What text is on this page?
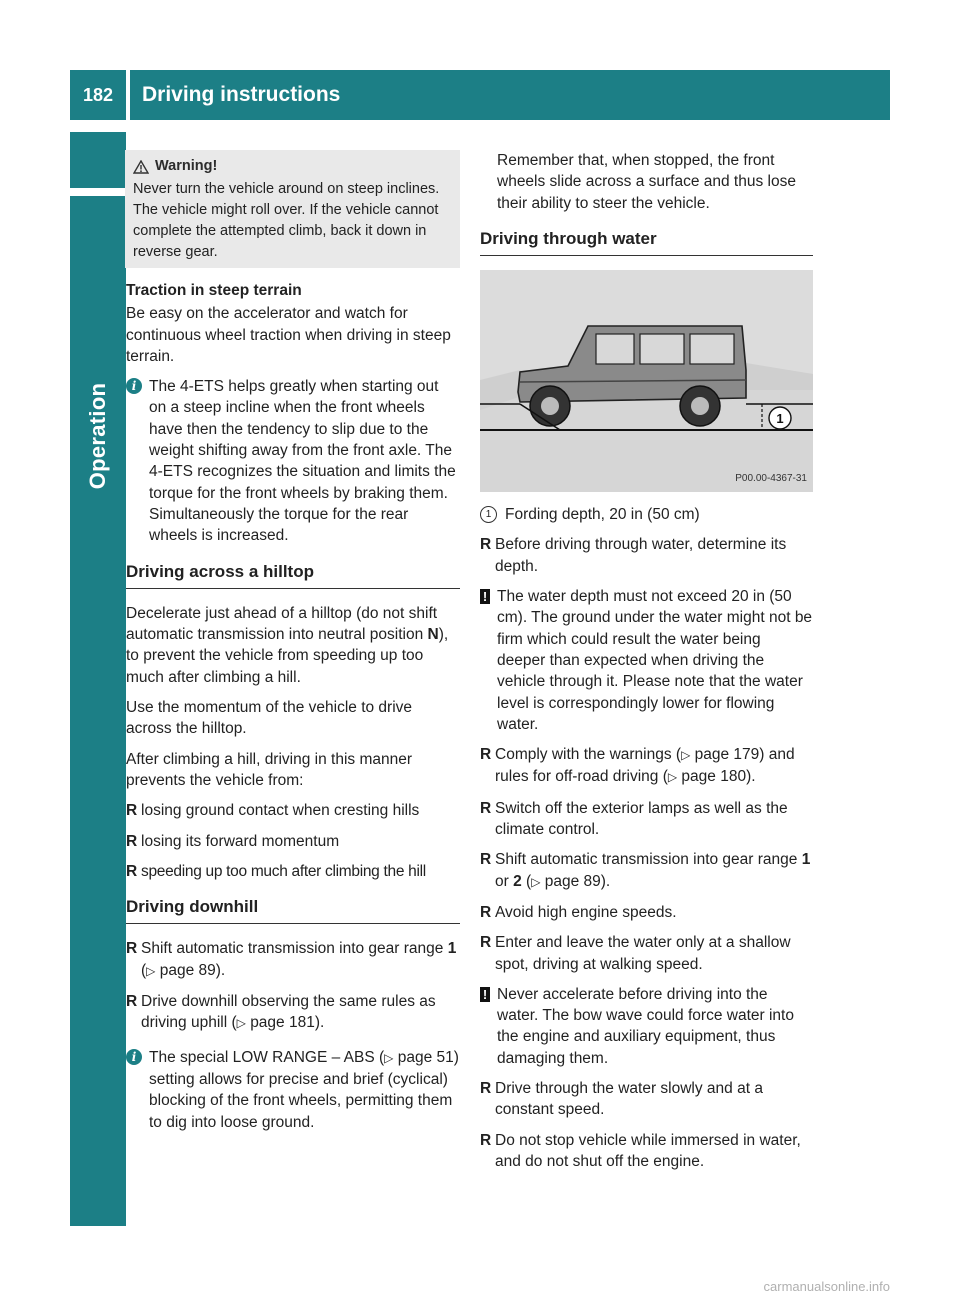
182	Driving instructions
Operation
Warning!
Never turn the vehicle around on steep inclines. The vehicle might roll over. If the vehicle cannot complete the attempted climb, back it down in reverse gear.
Traction in steep terrain

Be easy on the accelerator and watch for continuous wheel traction when driving in steep terrain.

i The 4-ETS helps greatly when starting out on a steep incline when the front wheels have then the tendency to slip due to the weight shifting away from the front axle. The 4-ETS recognizes the situation and limits the torque for the front wheels by braking them.
Simultaneously the torque for the rear wheels is increased.
Driving across a hilltop

Decelerate just ahead of a hilltop (do not shift automatic transmission into neutral position N), to prevent the vehicle from speeding up too much after climbing a hill.

Use the momentum of the vehicle to drive across the hilltop.

After climbing a hill, driving in this manner prevents the vehicle from:

R losing ground contact when cresting hills
R losing its forward momentum
R speeding up too much after climbing the hill
Driving downhill
R Shift automatic transmission into gear range 1 (▷ page 89).
R Drive downhill observing the same rules as driving uphill (▷ page 181).
i The special LOW RANGE – ABS (▷ page 51) setting allows for precise and brief (cyclical) blocking of the front wheels, permitting them to dig into loose ground.

Remember that, when stopped, the front wheels slide across a surface and thus lose their ability to steer the vehicle.

Driving through water
1
P00.00-4367-31
1 Fording depth, 20 in (50 cm)
R Before driving through water, determine its depth.
! The water depth must not exceed 20 in (50 cm). The ground under the water might not be firm which could result the water being deeper than expected when driving the vehicle through it. Please note that the water level is correspondingly lower for flowing water.
R Comply with the warnings (▷ page 179) and rules for off-road driving (▷ page 180).
R Switch off the exterior lamps as well as the climate control.
R Shift automatic transmission into gear range 1 or 2 (▷ page 89).
R Avoid high engine speeds.
R Enter and leave the water only at a shallow spot, driving at walking speed.
! Never accelerate before driving into the water. The bow wave could force water into the engine and auxiliary equipment, thus damaging them.
R Drive through the water slowly and at a constant speed.
R Do not stop vehicle while immersed in water, and do not shut off the engine.
carmanualsonline.info
